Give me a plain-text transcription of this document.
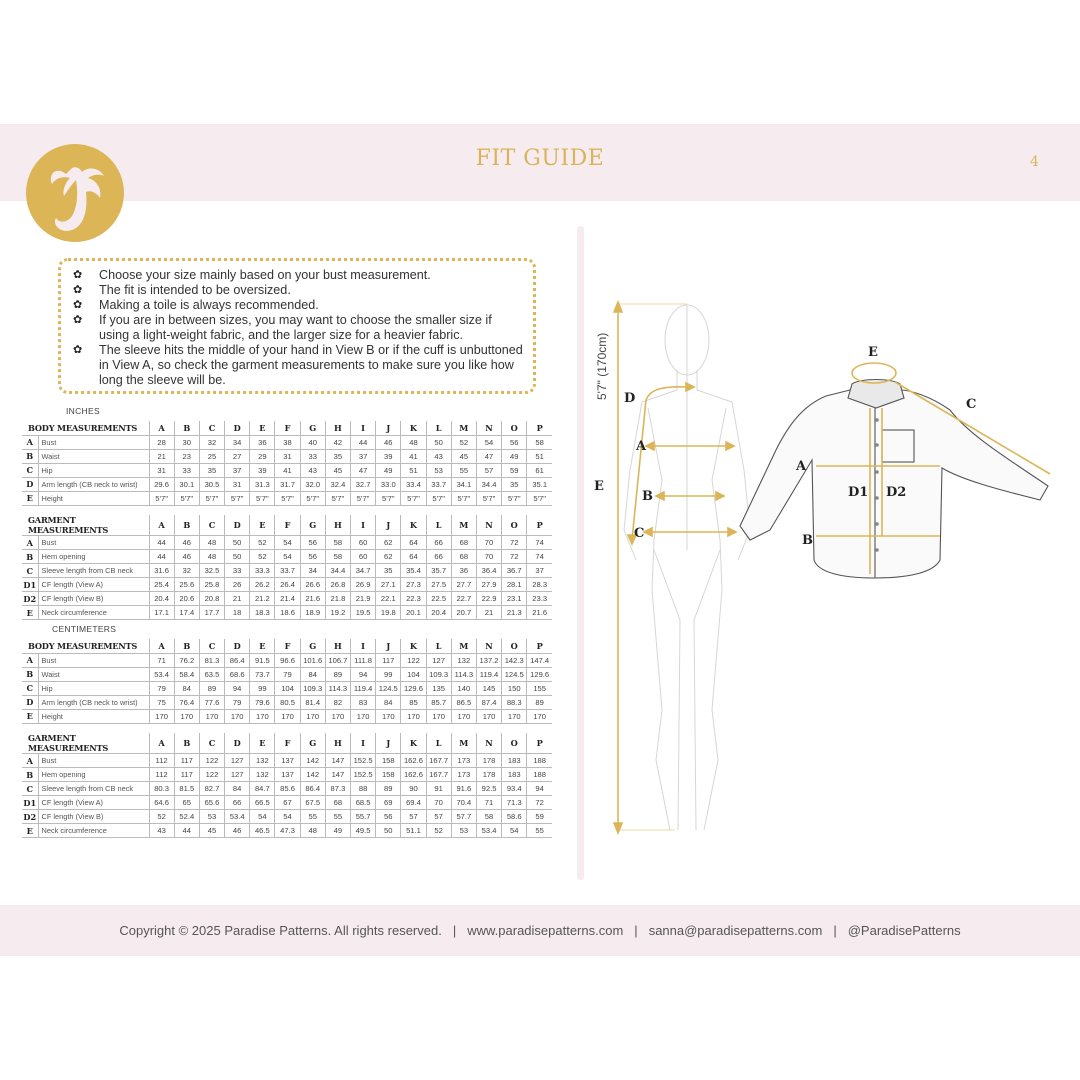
FIT GUIDE	4
✿	Choose your size mainly based on your bust measurement.
✿	The fit is intended to be oversized.
✿	Making a toile is always recommended.
✿	If you are in between sizes, you may want to choose the smaller size if using a light-weight fabric, and the larger size for a heavier fabric.
✿	The sleeve hits the middle of your hand in View B or if the cuff is unbuttoned in View A, so check the garment measurements to make sure you like how long the sleeve will be.
INCHES
BODY MEASUREMENTS		A	B	C	D	E	F	G	H	I	J	K	L	M	N	O	P
A	Bust	28	30	32	34	36	38	40	42	44	46	48	50	52	54	56	58
B	Waist	21	23	25	27	29	31	33	35	37	39	41	43	45	47	49	51
C	Hip	31	33	35	37	39	41	43	45	47	49	51	53	55	57	59	61
D	Arm length (CB neck to wrist)	29.6	30.1	30.5	31	31.3	31.7	32.0	32.4	32.7	33.0	33.4	33.7	34.1	34.4	35	35.1
E	Height	5'7"	5'7"	5'7"	5'7"	5'7"	5'7"	5'7"	5'7"	5'7"	5'7"	5'7"	5'7"	5'7"	5'7"	5'7"	5'7"
GARMENT MEASUREMENTS		A	B	C	D	E	F	G	H	I	J	K	L	M	N	O	P
A	Bust	44	46	48	50	52	54	56	58	60	62	64	66	68	70	72	74
B	Hem opening	44	46	48	50	52	54	56	58	60	62	64	66	68	70	72	74
C	Sleeve length from CB neck	31.6	32	32.5	33	33.3	33.7	34	34.4	34.7	35	35.4	35.7	36	36.4	36.7	37
D1	CF length (View A)	25.4	25.6	25.8	26	26.2	26.4	26.6	26.8	26.9	27.1	27.3	27.5	27.7	27.9	28.1	28.3
D2	CF length (View B)	20.4	20.6	20.8	21	21.2	21.4	21.6	21.8	21.9	22.1	22.3	22.5	22.7	22.9	23.1	23.3
E	Neck circumference	17.1	17.4	17.7	18	18.3	18.6	18.9	19.2	19.5	19.8	20.1	20.4	20.7	21	21.3	21.6
CENTIMETERS
BODY MEASUREMENTS		A	B	C	D	E	F	G	H	I	J	K	L	M	N	O	P
A	Bust	71	76.2	81.3	86.4	91.5	96.6	101.6	106.7	111.8	117	122	127	132	137.2	142.3	147.4
B	Waist	53.4	58.4	63.5	68.6	73.7	79	84	89	94	99	104	109.3	114.3	119.4	124.5	129.6
C	Hip	79	84	89	94	99	104	109.3	114.3	119.4	124.5	129.6	135	140	145	150	155
D	Arm length (CB neck to wrist)	75	76.4	77.6	79	79.6	80.5	81.4	82	83	84	85	85.7	86.5	87.4	88.3	89
E	Height	170	170	170	170	170	170	170	170	170	170	170	170	170	170	170	170
GARMENT MEASUREMENTS		A	B	C	D	E	F	G	H	I	J	K	L	M	N	O	P
A	Bust	112	117	122	127	132	137	142	147	152.5	158	162.6	167.7	173	178	183	188
B	Hem opening	112	117	122	127	132	137	142	147	152.5	158	162.6	167.7	173	178	183	188
C	Sleeve length from CB neck	80.3	81.5	82.7	84	84.7	85.6	86.4	87.3	88	89	90	91	91.6	92.5	93.4	94
D1	CF length (View A)	64.6	65	65.6	66	66.5	67	67.5	68	68.5	69	69.4	70	70.4	71	71.3	72
D2	CF length (View B)	52	52.4	53	53.4	54	54	55	55	55.7	56	57	57	57.7	58	58.6	59
E	Neck circumference	43	44	45	46	46.5	47.3	48	49	49.5	50	51.1	52	53	53.4	54	55
5'7" (170cm) D
A
B
C
E
E
C
A
B
D1 D2
Copyright © 2025 Paradise Patterns. All rights reserved. | www.paradisepatterns.com | sanna@paradisepatterns.com | @ParadisePatterns
